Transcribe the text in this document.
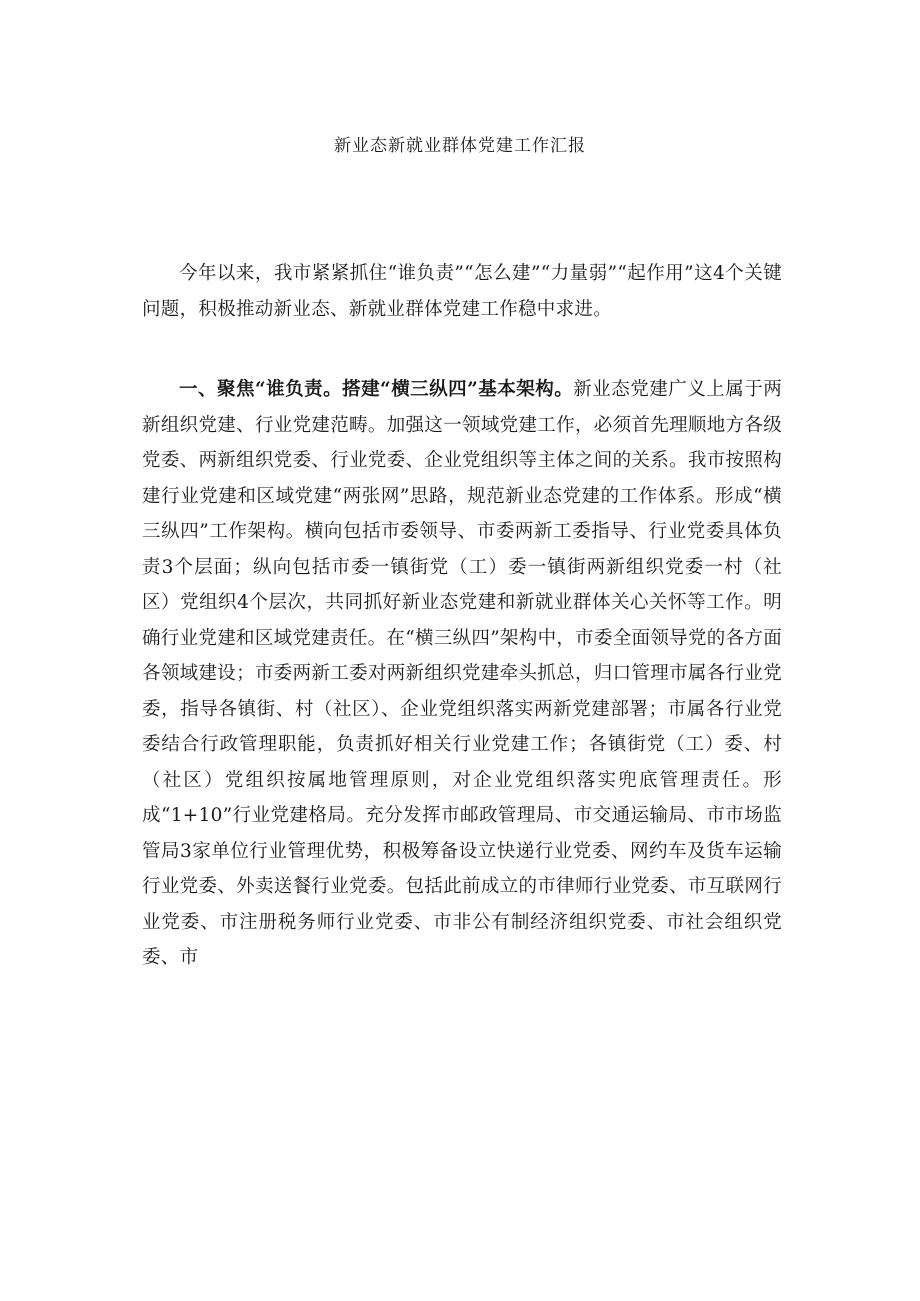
新业态新就业群体党建工作汇报

今年以来，我市紧紧抓住“谁负责”“怎么建”“力量弱”“起作用”这4个关键问题，积极推动新业态、新就业群体党建工作稳中求进。

一、聚焦“谁负责。搭建“横三纵四”基本架构。新业态党建广义上属于两新组织党建、行业党建范畴。加强这一领域党建工作，必须首先理顺地方各级党委、两新组织党委、行业党委、企业党组织等主体之间的关系。我市按照构建行业党建和区域党建“两张网”思路，规范新业态党建的工作体系。形成“横三纵四”工作架构。横向包括市委领导、市委两新工委指导、行业党委具体负责3个层面；纵向包括市委一镇街党（工）委一镇街两新组织党委一村（社区）党组织4个层次，共同抓好新业态党建和新就业群体关心关怀等工作。明确行业党建和区域党建责任。在“横三纵四”架构中，市委全面领导党的各方面各领域建设；市委两新工委对两新组织党建牵头抓总，归口管理市属各行业党委，指导各镇街、村（社区）、企业党组织落实两新党建部署；市属各行业党委结合行政管理职能，负责抓好相关行业党建工作；各镇街党（工）委、村（社区）党组织按属地管理原则，对企业党组织落实兜底管理责任。形成“1+10”行业党建格局。充分发挥市邮政管理局、市交通运输局、市市场监管局3家单位行业管理优势，积极筹备设立快递行业党委、网约车及货车运输行业党委、外卖送餐行业党委。包括此前成立的市律师行业党委、市互联网行业党委、市注册税务师行业党委、市非公有制经济组织党委、市社会组织党委、市
